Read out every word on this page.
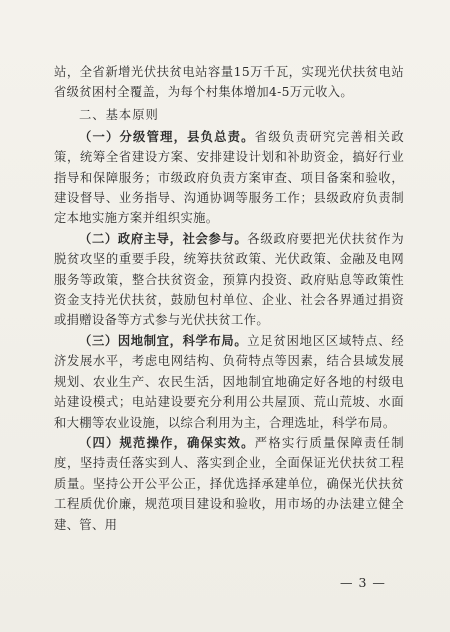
站，全省新增光伏扶贫电站容量15万千瓦，实现光伏扶贫电站省级贫困村全覆盖，为每个村集体增加4-5万元收入。

二、基本原则

（一）分级管理，县负总责。省级负责研究完善相关政策，统筹全省建设方案、安排建设计划和补助资金，搞好行业指导和保障服务；市级政府负责方案审查、项目备案和验收，建设督导、业务指导、沟通协调等服务工作；县级政府负责制定本地实施方案并组织实施。

（二）政府主导，社会参与。各级政府要把光伏扶贫作为脱贫攻坚的重要手段，统筹扶贫政策、光伏政策、金融及电网服务等政策，整合扶贫资金，预算内投资、政府贴息等政策性资金支持光伏扶贫，鼓励包村单位、企业、社会各界通过捐资或捐赠设备等方式参与光伏扶贫工作。

（三）因地制宜，科学布局。立足贫困地区区域特点、经济发展水平，考虑电网结构、负荷特点等因素，结合县域发展规划、农业生产、农民生活，因地制宜地确定好各地的村级电站建设模式；电站建设要充分利用公共屋顶、荒山荒坡、水面和大棚等农业设施，以综合利用为主，合理选址，科学布局。

（四）规范操作，确保实效。严格实行质量保障责任制度，坚持责任落实到人、落实到企业，全面保证光伏扶贫工程质量。坚持公开公平公正，择优选择承建单位，确保光伏扶贫工程质优价廉，规范项目建设和验收，用市场的办法建立健全建、管、用

— 3 —
